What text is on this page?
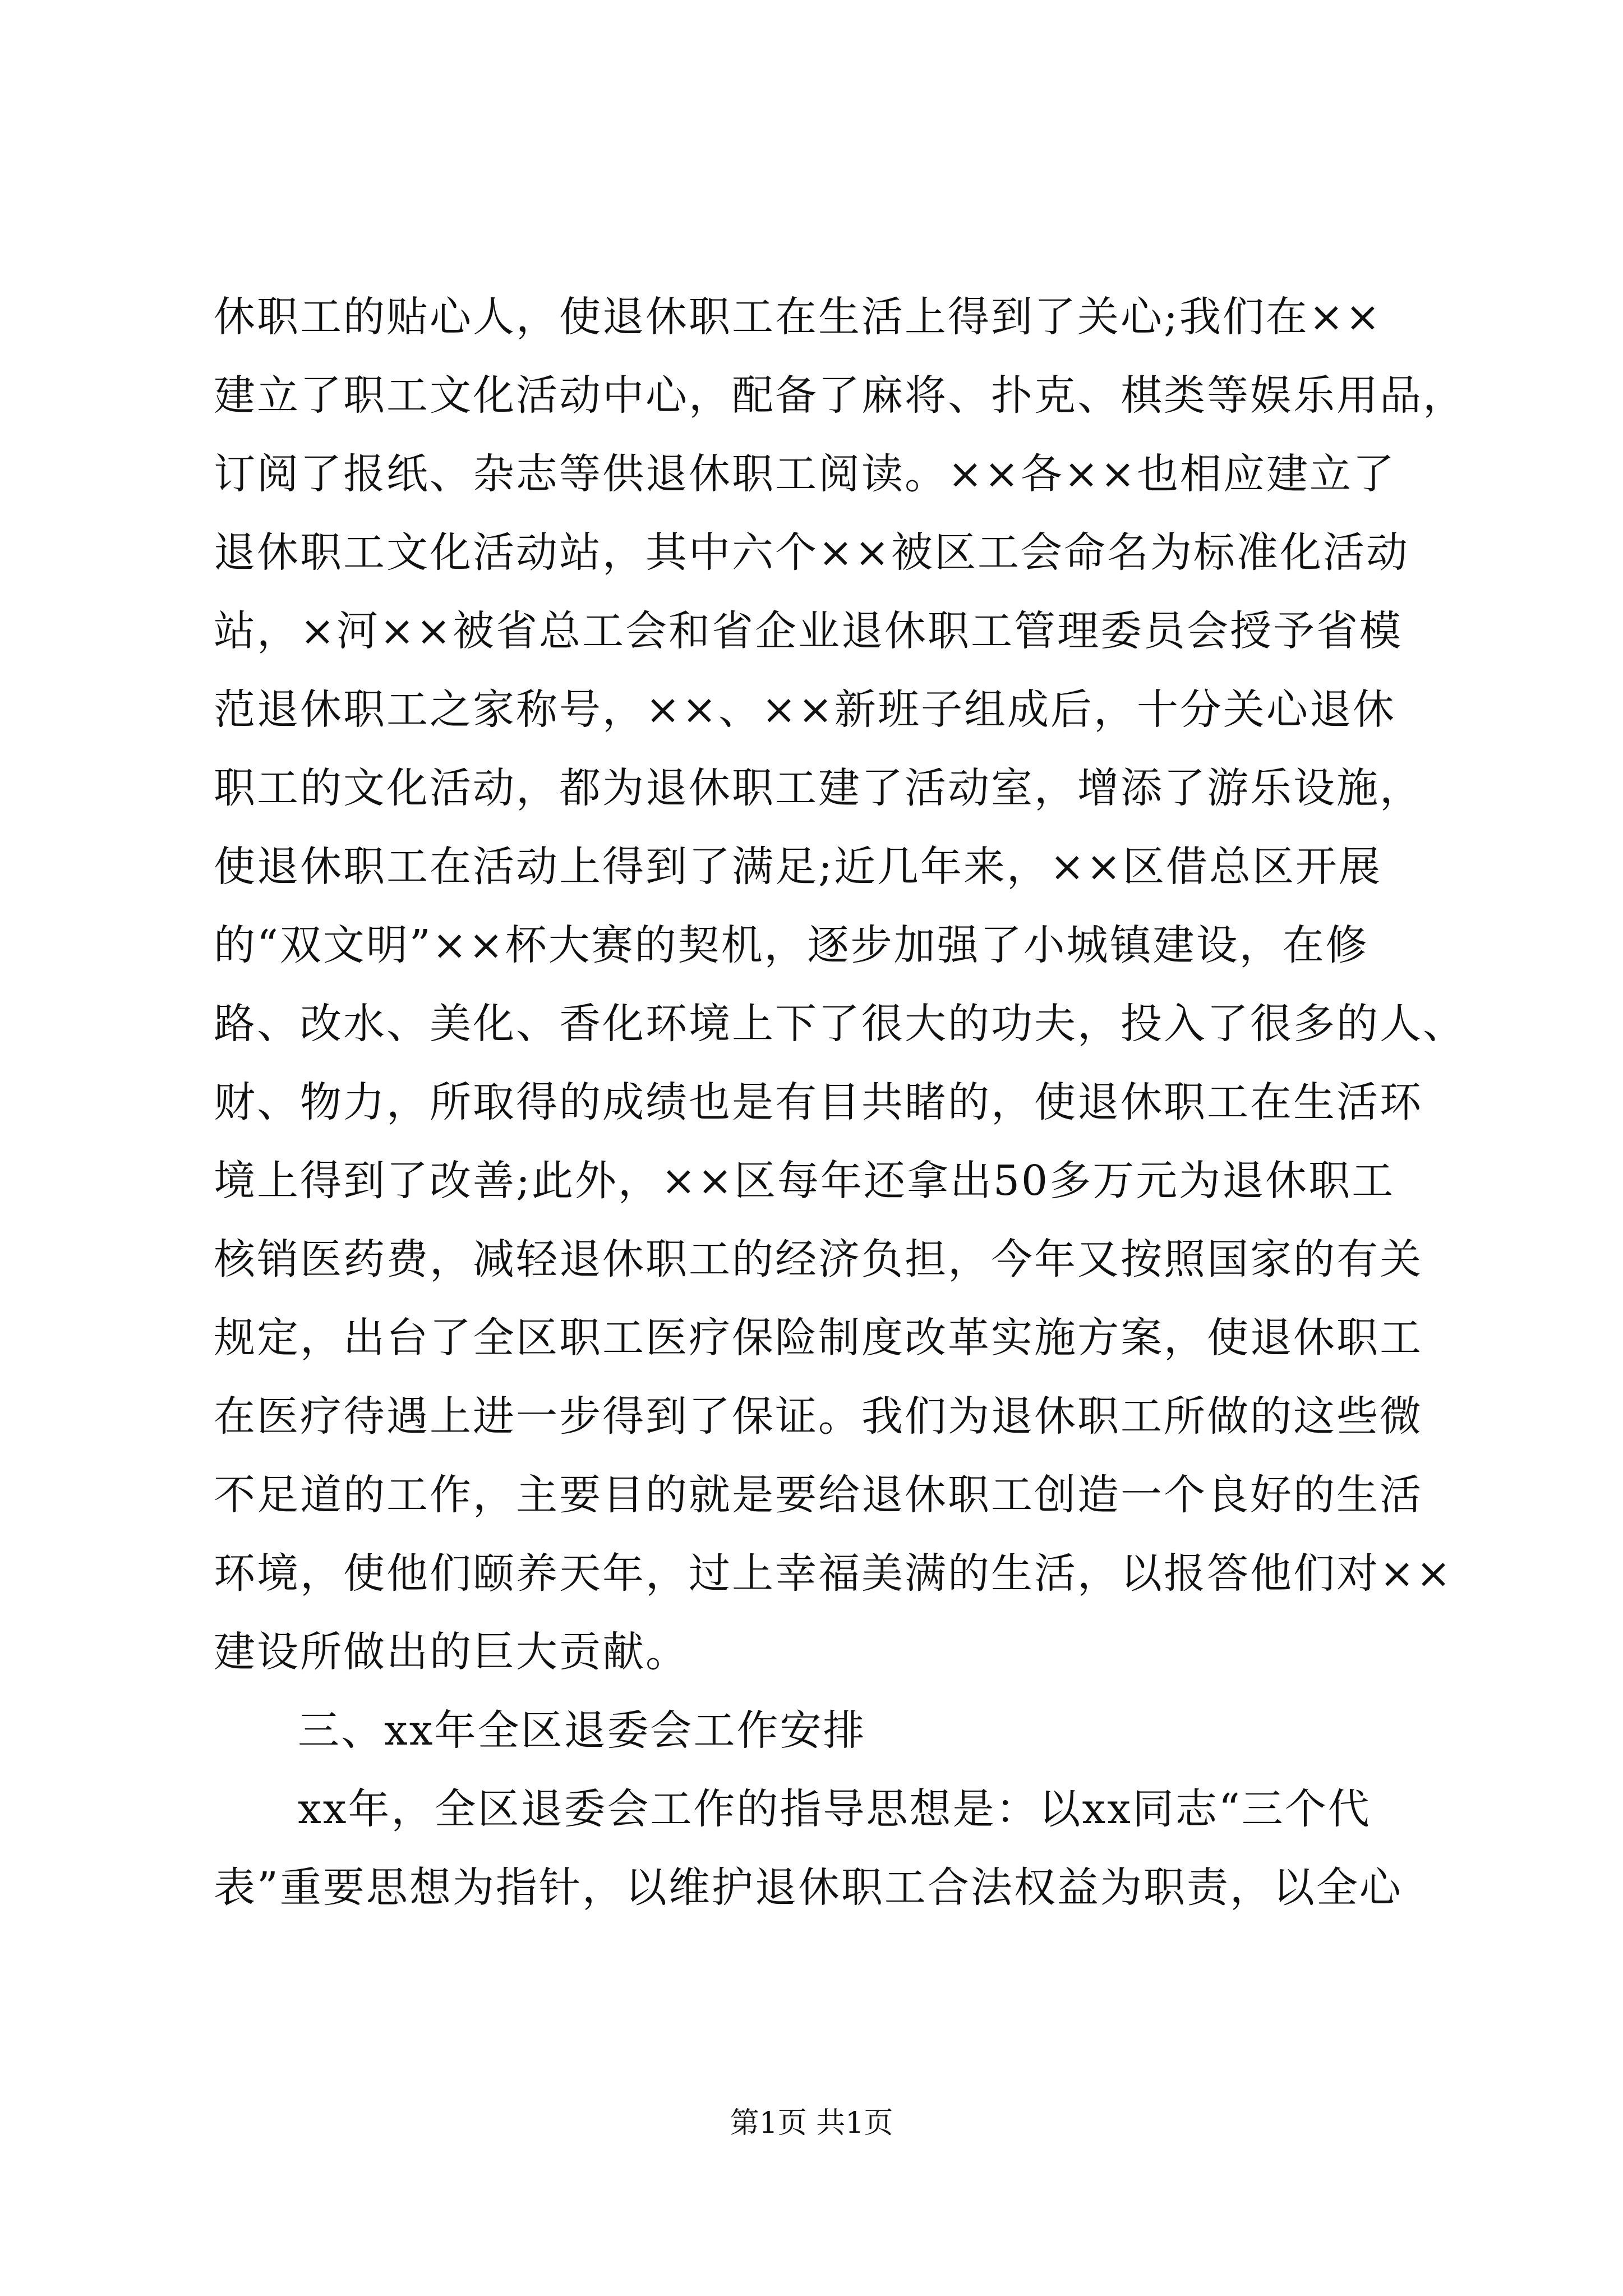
休职工的贴心人，使退休职工在生活上得到了关心;我们在××
建立了职工文化活动中心，配备了麻将、扑克、棋类等娱乐用品，
订阅了报纸、杂志等供退休职工阅读。××各××也相应建立了
退休职工文化活动站，其中六个××被区工会命名为标准化活动
站，×河××被省总工会和省企业退休职工管理委员会授予省模
范退休职工之家称号，××、××新班子组成后，十分关心退休
职工的文化活动，都为退休职工建了活动室，增添了游乐设施，
使退休职工在活动上得到了满足;近几年来，××区借总区开展
的“双文明”××杯大赛的契机，逐步加强了小城镇建设，在修
路、改水、美化、香化环境上下了很大的功夫，投入了很多的人、
财、物力，所取得的成绩也是有目共睹的，使退休职工在生活环
境上得到了改善;此外，××区每年还拿出50多万元为退休职工
核销医药费，减轻退休职工的经济负担，今年又按照国家的有关
规定，出台了全区职工医疗保险制度改革实施方案，使退休职工
在医疗待遇上进一步得到了保证。我们为退休职工所做的这些微
不足道的工作，主要目的就是要给退休职工创造一个良好的生活
环境，使他们颐养天年，过上幸福美满的生活，以报答他们对××
建设所做出的巨大贡献。
三、xx年全区退委会工作安排
xx年，全区退委会工作的指导思想是：以xx同志“三个代
表”重要思想为指针，以维护退休职工合法权益为职责，以全心
第1页 共1页
